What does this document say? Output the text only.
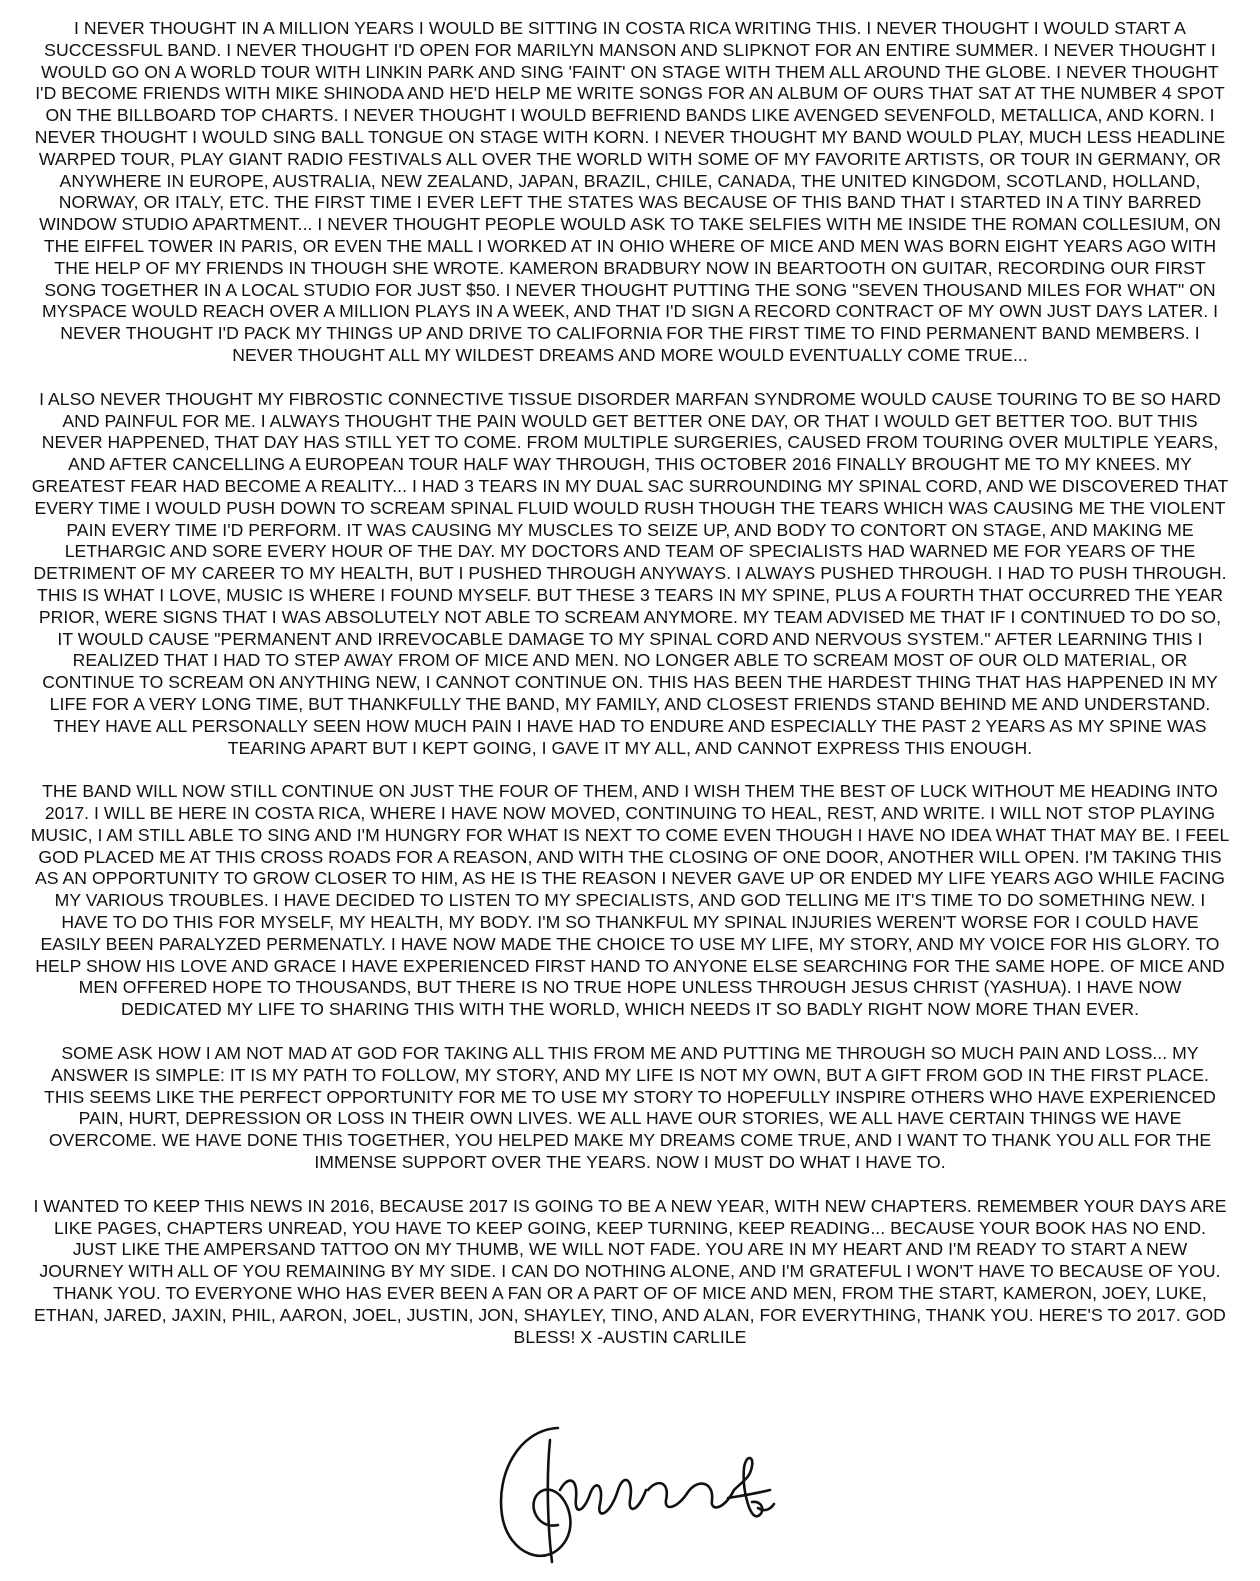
I NEVER THOUGHT IN A MILLION YEARS I WOULD BE SITTING IN COSTA RICA WRITING THIS. I NEVER THOUGHT I WOULD START A SUCCESSFUL BAND. I NEVER THOUGHT I'D OPEN FOR MARILYN MANSON AND SLIPKNOT FOR AN ENTIRE SUMMER. I NEVER THOUGHT I WOULD GO ON A WORLD TOUR WITH LINKIN PARK AND SING 'FAINT' ON STAGE WITH THEM ALL AROUND THE GLOBE. I NEVER THOUGHT I'D BECOME FRIENDS WITH MIKE SHINODA AND HE'D HELP ME WRITE SONGS FOR AN ALBUM OF OURS THAT SAT AT THE NUMBER 4 SPOT ON THE BILLBOARD TOP CHARTS. I NEVER THOUGHT I WOULD BEFRIEND BANDS LIKE AVENGED SEVENFOLD, METALLICA, AND KORN. I NEVER THOUGHT I WOULD SING BALL TONGUE ON STAGE WITH KORN. I NEVER THOUGHT MY BAND WOULD PLAY, MUCH LESS HEADLINE WARPED TOUR, PLAY GIANT RADIO FESTIVALS ALL OVER THE WORLD WITH SOME OF MY FAVORITE ARTISTS, OR TOUR IN GERMANY, OR ANYWHERE IN EUROPE, AUSTRALIA, NEW ZEALAND, JAPAN, BRAZIL, CHILE, CANADA, THE UNITED KINGDOM, SCOTLAND, HOLLAND, NORWAY, OR ITALY, ETC. THE FIRST TIME I EVER LEFT THE STATES WAS BECAUSE OF THIS BAND THAT I STARTED IN A TINY BARRED WINDOW STUDIO APARTMENT... I NEVER THOUGHT PEOPLE WOULD ASK TO TAKE SELFIES WITH ME INSIDE THE ROMAN COLLESIUM, ON THE EIFFEL TOWER IN PARIS, OR EVEN THE MALL I WORKED AT IN OHIO WHERE OF MICE AND MEN WAS BORN EIGHT YEARS AGO WITH THE HELP OF MY FRIENDS IN THOUGH SHE WROTE. KAMERON BRADBURY NOW IN BEARTOOTH ON GUITAR, RECORDING OUR FIRST SONG TOGETHER IN A LOCAL STUDIO FOR JUST $50. I NEVER THOUGHT PUTTING THE SONG "SEVEN THOUSAND MILES FOR WHAT" ON MYSPACE WOULD REACH OVER A MILLION PLAYS IN A WEEK, AND THAT I'D SIGN A RECORD CONTRACT OF MY OWN JUST DAYS LATER. I NEVER THOUGHT I'D PACK MY THINGS UP AND DRIVE TO CALIFORNIA FOR THE FIRST TIME TO FIND PERMANENT BAND MEMBERS. I NEVER THOUGHT ALL MY WILDEST DREAMS AND MORE WOULD EVENTUALLY COME TRUE...

I ALSO NEVER THOUGHT MY FIBROSTIC CONNECTIVE TISSUE DISORDER MARFAN SYNDROME WOULD CAUSE TOURING TO BE SO HARD AND PAINFUL FOR ME. I ALWAYS THOUGHT THE PAIN WOULD GET BETTER ONE DAY, OR THAT I WOULD GET BETTER TOO. BUT THIS NEVER HAPPENED, THAT DAY HAS STILL YET TO COME. FROM MULTIPLE SURGERIES, CAUSED FROM TOURING OVER MULTIPLE YEARS, AND AFTER CANCELLING A EUROPEAN TOUR HALF WAY THROUGH, THIS OCTOBER 2016 FINALLY BROUGHT ME TO MY KNEES. MY GREATEST FEAR HAD BECOME A REALITY... I HAD 3 TEARS IN MY DUAL SAC SURROUNDING MY SPINAL CORD, AND WE DISCOVERED THAT EVERY TIME I WOULD PUSH DOWN TO SCREAM SPINAL FLUID WOULD RUSH THOUGH THE TEARS WHICH WAS CAUSING ME THE VIOLENT PAIN EVERY TIME I'D PERFORM. IT WAS CAUSING MY MUSCLES TO SEIZE UP, AND BODY TO CONTORT ON STAGE, AND MAKING ME LETHARGIC AND SORE EVERY HOUR OF THE DAY. MY DOCTORS AND TEAM OF SPECIALISTS HAD WARNED ME FOR YEARS OF THE DETRIMENT OF MY CAREER TO MY HEALTH, BUT I PUSHED THROUGH ANYWAYS. I ALWAYS PUSHED THROUGH. I HAD TO PUSH THROUGH. THIS IS WHAT I LOVE, MUSIC IS WHERE I FOUND MYSELF. BUT THESE 3 TEARS IN MY SPINE, PLUS A FOURTH THAT OCCURRED THE YEAR PRIOR, WERE SIGNS THAT I WAS ABSOLUTELY NOT ABLE TO SCREAM ANYMORE. MY TEAM ADVISED ME THAT IF I CONTINUED TO DO SO, IT WOULD CAUSE "PERMANENT AND IRREVOCABLE DAMAGE TO MY SPINAL CORD AND NERVOUS SYSTEM." AFTER LEARNING THIS I REALIZED THAT I HAD TO STEP AWAY FROM OF MICE AND MEN. NO LONGER ABLE TO SCREAM MOST OF OUR OLD MATERIAL, OR CONTINUE TO SCREAM ON ANYTHING NEW, I CANNOT CONTINUE ON. THIS HAS BEEN THE HARDEST THING THAT HAS HAPPENED IN MY LIFE FOR A VERY LONG TIME, BUT THANKFULLY THE BAND, MY FAMILY, AND CLOSEST FRIENDS STAND BEHIND ME AND UNDERSTAND. THEY HAVE ALL PERSONALLY SEEN HOW MUCH PAIN I HAVE HAD TO ENDURE AND ESPECIALLY THE PAST 2 YEARS AS MY SPINE WAS TEARING APART BUT I KEPT GOING, I GAVE IT MY ALL, AND CANNOT EXPRESS THIS ENOUGH.

THE BAND WILL NOW STILL CONTINUE ON JUST THE FOUR OF THEM, AND I WISH THEM THE BEST OF LUCK WITHOUT ME HEADING INTO 2017. I WILL BE HERE IN COSTA RICA, WHERE I HAVE NOW MOVED, CONTINUING TO HEAL, REST, AND WRITE. I WILL NOT STOP PLAYING MUSIC, I AM STILL ABLE TO SING AND I'M HUNGRY FOR WHAT IS NEXT TO COME EVEN THOUGH I HAVE NO IDEA WHAT THAT MAY BE. I FEEL GOD PLACED ME AT THIS CROSS ROADS FOR A REASON, AND WITH THE CLOSING OF ONE DOOR, ANOTHER WILL OPEN. I'M TAKING THIS AS AN OPPORTUNITY TO GROW CLOSER TO HIM, AS HE IS THE REASON I NEVER GAVE UP OR ENDED MY LIFE YEARS AGO WHILE FACING MY VARIOUS TROUBLES. I HAVE DECIDED TO LISTEN TO MY SPECIALISTS, AND GOD TELLING ME IT'S TIME TO DO SOMETHING NEW. I HAVE TO DO THIS FOR MYSELF, MY HEALTH, MY BODY. I'M SO THANKFUL MY SPINAL INJURIES WEREN'T WORSE FOR I COULD HAVE EASILY BEEN PARALYZED PERMENATLY. I HAVE NOW MADE THE CHOICE TO USE MY LIFE, MY STORY, AND MY VOICE FOR HIS GLORY. TO HELP SHOW HIS LOVE AND GRACE I HAVE EXPERIENCED FIRST HAND TO ANYONE ELSE SEARCHING FOR THE SAME HOPE. OF MICE AND MEN OFFERED HOPE TO THOUSANDS, BUT THERE IS NO TRUE HOPE UNLESS THROUGH JESUS CHRIST (YASHUA). I HAVE NOW DEDICATED MY LIFE TO SHARING THIS WITH THE WORLD, WHICH NEEDS IT SO BADLY RIGHT NOW MORE THAN EVER.

SOME ASK HOW I AM NOT MAD AT GOD FOR TAKING ALL THIS FROM ME AND PUTTING ME THROUGH SO MUCH PAIN AND LOSS... MY ANSWER IS SIMPLE: IT IS MY PATH TO FOLLOW, MY STORY, AND MY LIFE IS NOT MY OWN, BUT A GIFT FROM GOD IN THE FIRST PLACE. THIS SEEMS LIKE THE PERFECT OPPORTUNITY FOR ME TO USE MY STORY TO HOPEFULLY INSPIRE OTHERS WHO HAVE EXPERIENCED PAIN, HURT, DEPRESSION OR LOSS IN THEIR OWN LIVES. WE ALL HAVE OUR STORIES, WE ALL HAVE CERTAIN THINGS WE HAVE OVERCOME. WE HAVE DONE THIS TOGETHER, YOU HELPED MAKE MY DREAMS COME TRUE, AND I WANT TO THANK YOU ALL FOR THE IMMENSE SUPPORT OVER THE YEARS. NOW I MUST DO WHAT I HAVE TO.

I WANTED TO KEEP THIS NEWS IN 2016, BECAUSE 2017 IS GOING TO BE A NEW YEAR, WITH NEW CHAPTERS. REMEMBER YOUR DAYS ARE LIKE PAGES, CHAPTERS UNREAD, YOU HAVE TO KEEP GOING, KEEP TURNING, KEEP READING... BECAUSE YOUR BOOK HAS NO END. JUST LIKE THE AMPERSAND TATTOO ON MY THUMB, WE WILL NOT FADE. YOU ARE IN MY HEART AND I'M READY TO START A NEW JOURNEY WITH ALL OF YOU REMAINING BY MY SIDE. I CAN DO NOTHING ALONE, AND I'M GRATEFUL I WON'T HAVE TO BECAUSE OF YOU. THANK YOU. TO EVERYONE WHO HAS EVER BEEN A FAN OR A PART OF OF MICE AND MEN, FROM THE START, KAMERON, JOEY, LUKE, ETHAN, JARED, JAXIN, PHIL, AARON, JOEL, JUSTIN, JON, SHAYLEY, TINO, AND ALAN, FOR EVERYTHING, THANK YOU. HERE'S TO 2017. GOD BLESS! X -AUSTIN CARLILE
